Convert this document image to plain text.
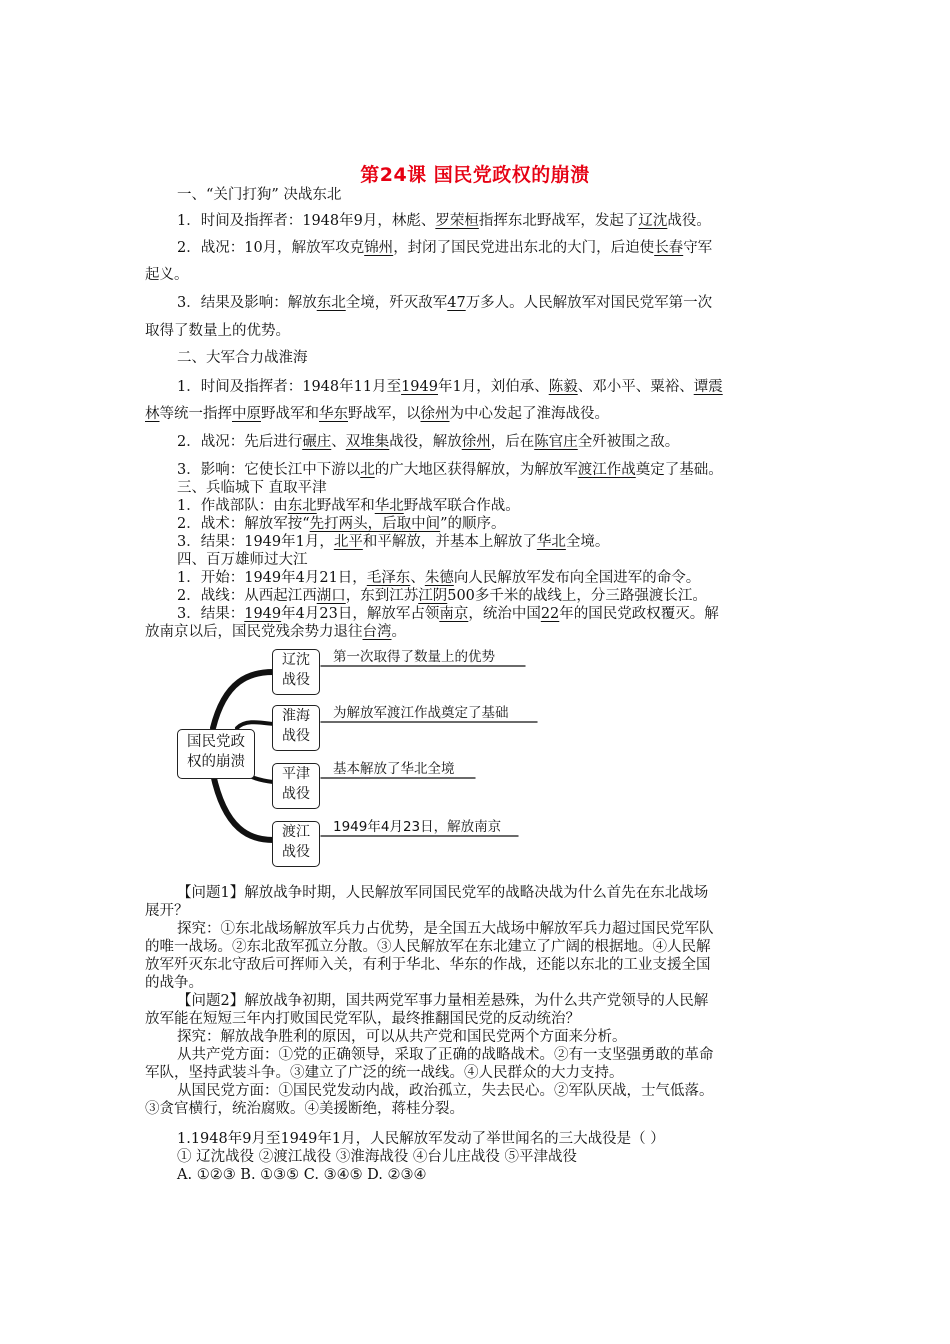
第24课 国民党政权的崩溃
一、“关门打狗” 决战东北
1．时间及指挥者：1948年9月，林彪、罗荣桓指挥东北野战军，发起了辽沈战役。
2．战况：10月，解放军攻克锦州，封闭了国民党进出东北的大门，后迫使长春守军
起义。
3．结果及影响：解放东北全境，歼灭敌军47万多人。人民解放军对国民党军第一次
取得了数量上的优势。
二、大军合力战淮海
1．时间及指挥者：1948年11月至1949年1月，刘伯承、陈毅、邓小平、粟裕、谭震
林等统一指挥中原野战军和华东野战军，以徐州为中心发起了淮海战役。
2．战况：先后进行碾庄、双堆集战役，解放徐州，后在陈官庄全歼被围之敌。
3．影响：它使长江中下游以北的广大地区获得解放，为解放军渡江作战奠定了基础。
三、兵临城下 直取平津
1．作战部队：由东北野战军和华北野战军联合作战。
2．战术：解放军按“先打两头，后取中间”的顺序。
3．结果：1949年1月，北平和平解放，并基本上解放了华北全境。
四、百万雄师过大江
1．开始：1949年4月21日，毛泽东、朱德向人民解放军发布向全国进军的命令。
2．战线：从西起江西湖口，东到江苏江阴500多千米的战线上，分三路强渡长江。
3．结果：1949年4月23日，解放军占领南京，统治中国22年的国民党政权覆灭。解
放南京以后，国民党残余势力退往台湾。
【问题1】解放战争时期，人民解放军同国民党军的战略决战为什么首先在东北战场
展开？
探究：①东北战场解放军兵力占优势，是全国五大战场中解放军兵力超过国民党军队
的唯一战场。②东北敌军孤立分散。③人民解放军在东北建立了广阔的根据地。④人民解
放军歼灭东北守敌后可挥师入关，有利于华北、华东的作战，还能以东北的工业支援全国
的战争。
【问题2】解放战争初期，国共两党军事力量相差悬殊，为什么共产党领导的人民解
放军能在短短三年内打败国民党军队，最终推翻国民党的反动统治？
探究：解放战争胜利的原因，可以从共产党和国民党两个方面来分析。
从共产党方面：①党的正确领导，采取了正确的战略战术。②有一支坚强勇敢的革命
军队，坚持武装斗争。③建立了广泛的统一战线。④人民群众的大力支持。
从国民党方面：①国民党发动内战，政治孤立，失去民心。②军队厌战，士气低落。
③贪官横行，统治腐败。④美援断绝，蒋桂分裂。
1.1948年9月至1949年1月，人民解放军发动了举世闻名的三大战役是（ ）
① 辽沈战役 ②渡江战役 ③淮海战役 ④台儿庄战役 ⑤平津战役
A. ①②③ B. ①③⑤ C. ③④⑤ D. ②③④
国民党政
权的崩溃
辽沈
战役
淮海
战役
平津
战役
渡江
战役
第一次取得了数量上的优势
为解放军渡江作战奠定了基础
基本解放了华北全境
1949年4月23日，解放南京
